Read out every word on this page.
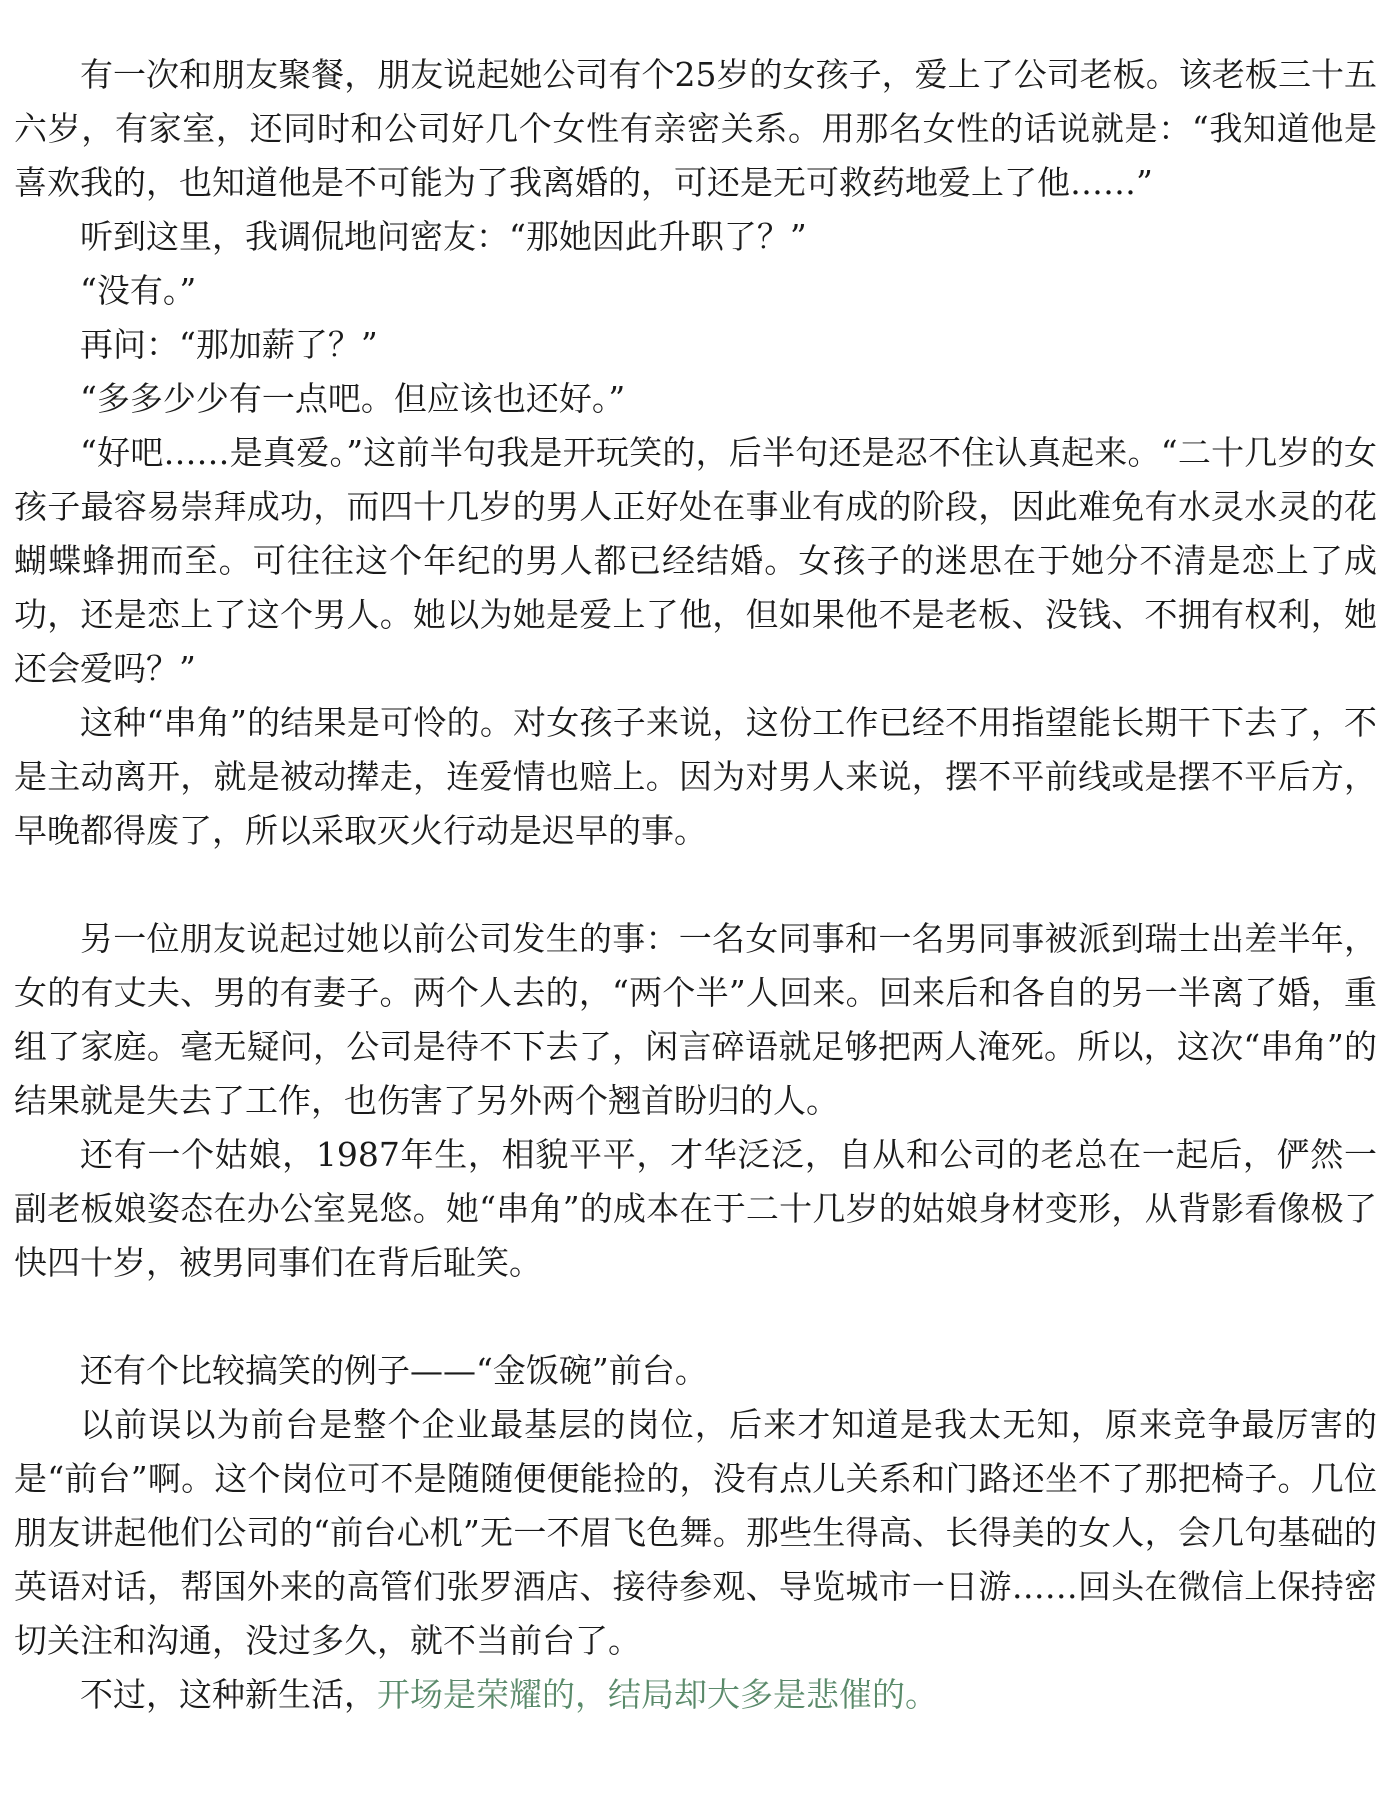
有一次和朋友聚餐，朋友说起她公司有个25岁的女孩子，爱上了公司老板。该老板三十五六岁，有家室，还同时和公司好几个女性有亲密关系。用那名女性的话说就是：“我知道他是喜欢我的，也知道他是不可能为了我离婚的，可还是无可救药地爱上了他……”

听到这里，我调侃地问密友：“那她因此升职了？”

“没有。”

再问：“那加薪了？”

“多多少少有一点吧。但应该也还好。”

“好吧……是真爱。”这前半句我是开玩笑的，后半句还是忍不住认真起来。“二十几岁的女孩子最容易崇拜成功，而四十几岁的男人正好处在事业有成的阶段，因此难免有水灵水灵的花蝴蝶蜂拥而至。可往往这个年纪的男人都已经结婚。女孩子的迷思在于她分不清是恋上了成功，还是恋上了这个男人。她以为她是爱上了他，但如果他不是老板、没钱、不拥有权利，她还会爱吗？”

这种“串角”的结果是可怜的。对女孩子来说，这份工作已经不用指望能长期干下去了，不是主动离开，就是被动撵走，连爱情也赔上。因为对男人来说，摆不平前线或是摆不平后方，早晚都得废了，所以采取灭火行动是迟早的事。

另一位朋友说起过她以前公司发生的事：一名女同事和一名男同事被派到瑞士出差半年，女的有丈夫、男的有妻子。两个人去的，“两个半”人回来。回来后和各自的另一半离了婚，重组了家庭。毫无疑问，公司是待不下去了，闲言碎语就足够把两人淹死。所以，这次“串角”的结果就是失去了工作，也伤害了另外两个翘首盼归的人。

还有一个姑娘，1987年生，相貌平平，才华泛泛，自从和公司的老总在一起后，俨然一副老板娘姿态在办公室晃悠。她“串角”的成本在于二十几岁的姑娘身材变形，从背影看像极了快四十岁，被男同事们在背后耻笑。

还有个比较搞笑的例子——“金饭碗”前台。

以前误以为前台是整个企业最基层的岗位，后来才知道是我太无知，原来竞争最厉害的是“前台”啊。这个岗位可不是随随便便能捡的，没有点儿关系和门路还坐不了那把椅子。几位朋友讲起他们公司的“前台心机”无一不眉飞色舞。那些生得高、长得美的女人，会几句基础的英语对话，帮国外来的高管们张罗酒店、接待参观、导览城市一日游……回头在微信上保持密切关注和沟通，没过多久，就不当前台了。

不过，这种新生活，开场是荣耀的，结局却大多是悲催的。
